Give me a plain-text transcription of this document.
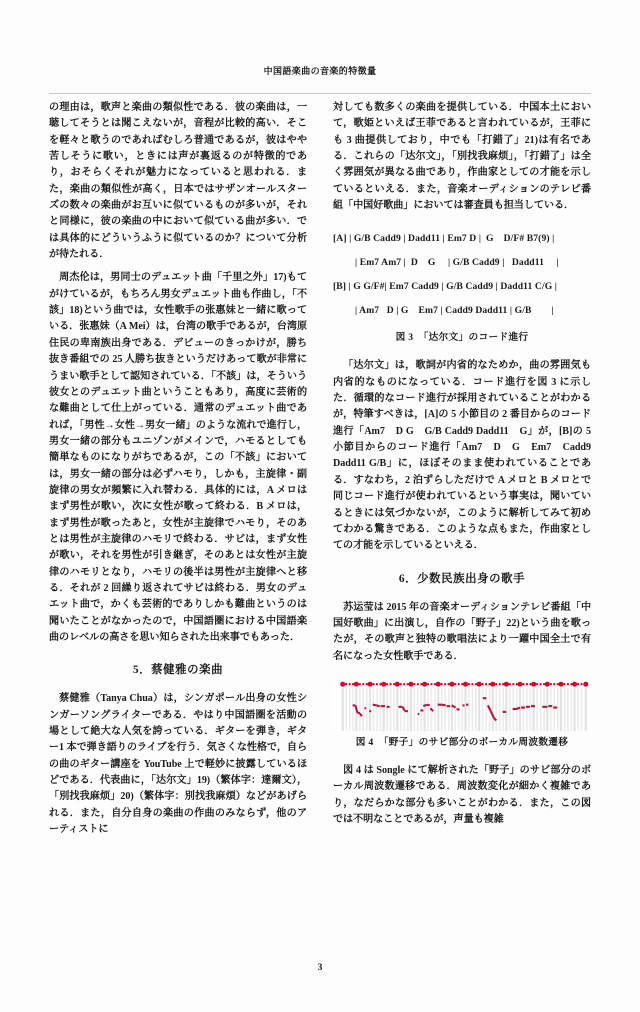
中国語楽曲の音楽的特徴量

の理由は，歌声と楽曲の類似性である．彼の楽曲は，一聴してそうとは聞こえないが，音程が比較的高い．そこを軽々と歌うのであればむしろ普通であるが，彼はやや苦しそうに歌い，ときには声が裏返るのが特徴的であり，おそらくそれが魅力になっていると思われる．また，楽曲の類似性が高く，日本ではサザンオールスターズの数々の楽曲がお互いに似ているものが多いが，それと同様に，彼の楽曲の中において似ている曲が多い．では具体的にどういうふうに似ているのか？について分析が待たれる．

周杰伦は，男同士のデュエット曲「千里之外」17)もてがけているが，もちろん男女デュエット曲も作曲し，「不該」18)という曲では，女性歌手の张惠妹と一緒に歌っている．张惠妹（A Mei）は，台湾の歌手であるが，台湾原住民の卑南族出身である．デビューのきっかけが，勝ち抜き番組での 25 人勝ち抜きというだけあって歌が非常にうまい歌手として認知されている．「不該」は，そういう彼女とのデュエット曲ということもあり，高度に芸術的な難曲として仕上がっている．通常のデュエット曲であれば，「男性→女性→男女一緒」のような流れで進行し，男女一緒の部分もユニゾンがメインで，ハモるとしても簡単なものになりがちであるが，この「不該」においては，男女一緒の部分は必ずハモり，しかも，主旋律・副旋律の男女が頻繁に入れ替わる．具体的には，A メロはまず男性が歌い，次に女性が歌って終わる．B メロは，まず男性が歌ったあと，女性が主旋律でハモり，そのあとは男性が主旋律のハモリで終わる．サビは，まず女性が歌い，それを男性が引き継ぎ，そのあとは女性が主旋律のハモリとなり，ハモリの後半は男性が主旋律へと移る．それが 2 回繰り返されてサビは終わる．男女のデュエット曲で，かくも芸術的でありしかも難曲というのは聞いたことがなかったので，中国語圏における中国語楽曲のレベルの高さを思い知らされた出来事でもあった．

5．蔡健雅の楽曲

蔡健雅（Tanya Chua）は，シンガポール出身の女性シンガーソングライターである．やはり中国語圏を活動の場として絶大な人気を誇っている．ギターを弾き，ギター1 本で弾き語りのライブを行う．気さくな性格で，自らの曲のギター講座を YouTube 上で軽妙に披露しているほどである．代表曲に，「达尔文」19)（繁体字：達爾文），「別找我麻烦」20)（繁体字：別找我麻煩）などがあげられる．また，自分自身の楽曲の作曲のみならず，他のアーティストに

対しても数多くの楽曲を提供している．中国本土において，歌姫といえば王菲であると言われているが，王菲にも 3 曲提供しており，中でも「打錯了」21)は有名である．これらの「达尔文」，「別找我麻烦」，「打錯了」は全く雰囲気が異なる曲であり，作曲家としての才能を示しているといえる．また，音楽オーディションのテレビ番組「中国好歌曲」においては審査員も担当している．

[A] | G/B Cadd9 | Dadd11 | Em7 D |  G    D/F# B7(9) |
| Em7 Am7 |  D    G     | G/B Cadd9 |   Dadd11     |
[B] | G G/F#| Em7 Cadd9 | G/B Cadd9 | Dadd11 C/G |
| Am7   D | G    Em7 | Cadd9 Dadd11 | G/B        |
図 3　「达尔文」のコード進行

「达尔文」は，歌詞が内省的なためか，曲の雰囲気も内省的なものになっている．コード進行を図 3 に示した．循環的なコード進行が採用されていることがわかるが，特筆すべきは，[A]の 5 小節目の 2 番目からのコード進行「Am7　D G　G/B Cadd9 Dadd11　G」が，[B]の 5 小節目からのコード進行「Am7　D　G　Em7　Cadd9 Dadd11 G/B」に，ほぼそのまま使われていることである．すなわち，2 泊ずらしただけで A メロと B メロとで同じコード進行が使われているという事実は，聞いているときには気づかないが，このように解析してみて初めてわかる驚きである．このような点もまた，作曲家としての才能を示しているといえる．

6．少数民族出身の歌手

苏运莹は 2015 年の音楽オーディションテレビ番組「中国好歌曲」に出演し，自作の「野子」22)という曲を歌ったが，その歌声と独特の歌唱法により一躍中国全土で有名になった女性歌手である．

図 4　「野子」のサビ部分のボーカル周波数遷移

図 4 は Songle にて解析された「野子」のサビ部分のボーカル周波数遷移である．周波数変化が細かく複雑であり，なだらかな部分も多いことがわかる．また，この図では不明なことであるが，声量も複雑

3
